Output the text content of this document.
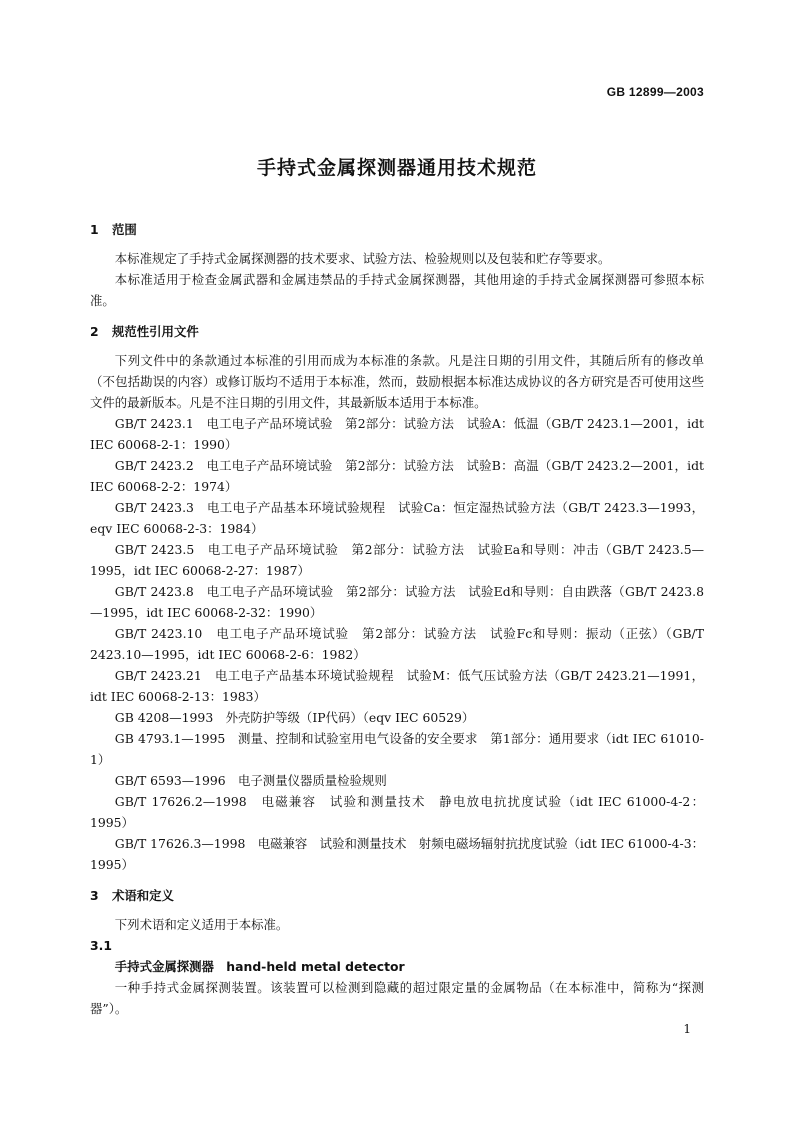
GB 12899—2003
手持式金属探测器通用技术规范
1 范围

本标准规定了手持式金属探测器的技术要求、试验方法、检验规则以及包装和贮存等要求。

本标准适用于检查金属武器和金属违禁品的手持式金属探测器，其他用途的手持式金属探测器可参照本标准。

2 规范性引用文件

下列文件中的条款通过本标准的引用而成为本标准的条款。凡是注日期的引用文件，其随后所有的修改单（不包括勘误的内容）或修订版均不适用于本标准，然而，鼓励根据本标准达成协议的各方研究是否可使用这些文件的最新版本。凡是不注日期的引用文件，其最新版本适用于本标准。

GB/T 2423.1　电工电子产品环境试验　第2部分：试验方法　试验A：低温（GB/T 2423.1—2001，idt IEC 60068-2-1：1990）

GB/T 2423.2　电工电子产品环境试验　第2部分：试验方法　试验B：高温（GB/T 2423.2—2001，idt IEC 60068-2-2：1974）

GB/T 2423.3　电工电子产品基本环境试验规程　试验Ca：恒定湿热试验方法（GB/T 2423.3—1993，eqv IEC 60068-2-3：1984）

GB/T 2423.5　电工电子产品环境试验　第2部分：试验方法　试验Ea和导则：冲击（GB/T 2423.5—1995，idt IEC 60068-2-27：1987）

GB/T 2423.8　电工电子产品环境试验　第2部分：试验方法　试验Ed和导则：自由跌落（GB/T 2423.8—1995，idt IEC 60068-2-32：1990）

GB/T 2423.10　电工电子产品环境试验　第2部分：试验方法　试验Fc和导则：振动（正弦）（GB/T 2423.10—1995，idt IEC 60068-2-6：1982）

GB/T 2423.21　电工电子产品基本环境试验规程　试验M：低气压试验方法（GB/T 2423.21—1991，idt IEC 60068-2-13：1983）

GB 4208—1993　外壳防护等级（IP代码）（eqv IEC 60529）

GB 4793.1—1995　测量、控制和试验室用电气设备的安全要求　第1部分：通用要求（idt IEC 61010-1）

GB/T 6593—1996　电子测量仪器质量检验规则

GB/T 17626.2—1998　电磁兼容　试验和测量技术　静电放电抗扰度试验（idt IEC 61000-4-2：1995）

GB/T 17626.3—1998　电磁兼容　试验和测量技术　射频电磁场辐射抗扰度试验（idt IEC 61000-4-3：1995）

3 术语和定义

下列术语和定义适用于本标准。

3.1

手持式金属探测器　hand-held metal detector

一种手持式金属探测装置。该装置可以检测到隐藏的超过限定量的金属物品（在本标准中，简称为“探测器”）。

1
